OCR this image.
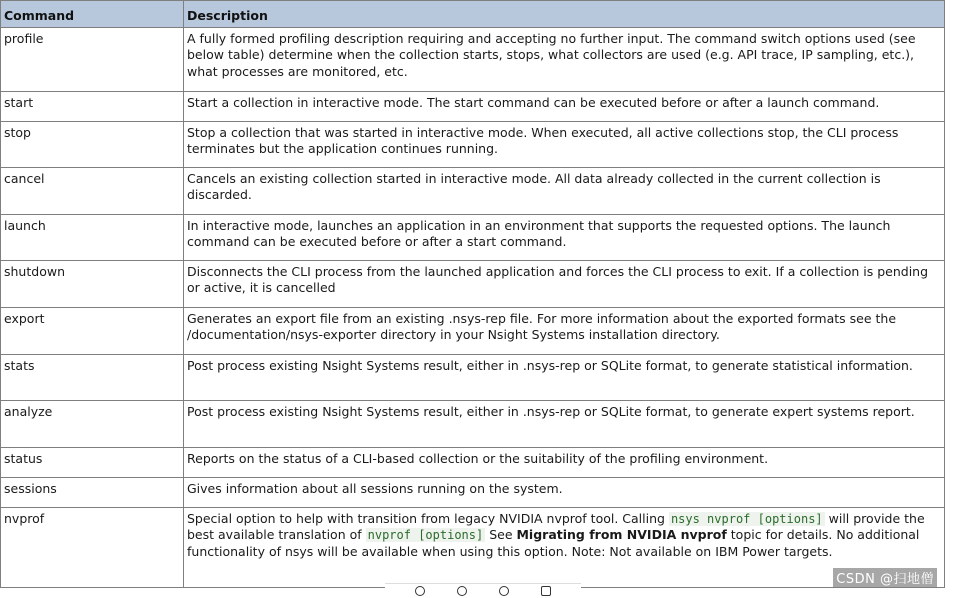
Command	Description
profile	A fully formed profiling description requiring and accepting no further input. The command switch options used (see below table) determine when the collection starts, stops, what collectors are used (e.g. API trace, IP sampling, etc.), what processes are monitored, etc.
start	Start a collection in interactive mode. The start command can be executed before or after a launch command.
stop	Stop a collection that was started in interactive mode. When executed, all active collections stop, the CLI process terminates but the application continues running.
cancel	Cancels an existing collection started in interactive mode. All data already collected in the current collection is discarded.
launch	In interactive mode, launches an application in an environment that supports the requested options. The launch command can be executed before or after a start command.
shutdown	Disconnects the CLI process from the launched application and forces the CLI process to exit. If a collection is pending or active, it is cancelled
export	Generates an export file from an existing .nsys-rep file. For more information about the exported formats see the /documentation/nsys-exporter directory in your Nsight Systems installation directory.
stats	Post process existing Nsight Systems result, either in .nsys-rep or SQLite format, to generate statistical information.
analyze	Post process existing Nsight Systems result, either in .nsys-rep or SQLite format, to generate expert systems report.
status	Reports on the status of a CLI-based collection or the suitability of the profiling environment.
sessions	Gives information about all sessions running on the system.
nvprof	Special option to help with transition from legacy NVIDIA nvprof tool. Calling nsys nvprof [options] will provide the best available translation of nvprof [options] See Migrating from NVIDIA nvprof topic for details. No additional functionality of nsys will be available when using this option. Note: Not available on IBM Power targets.
CSDN @扫地僧
